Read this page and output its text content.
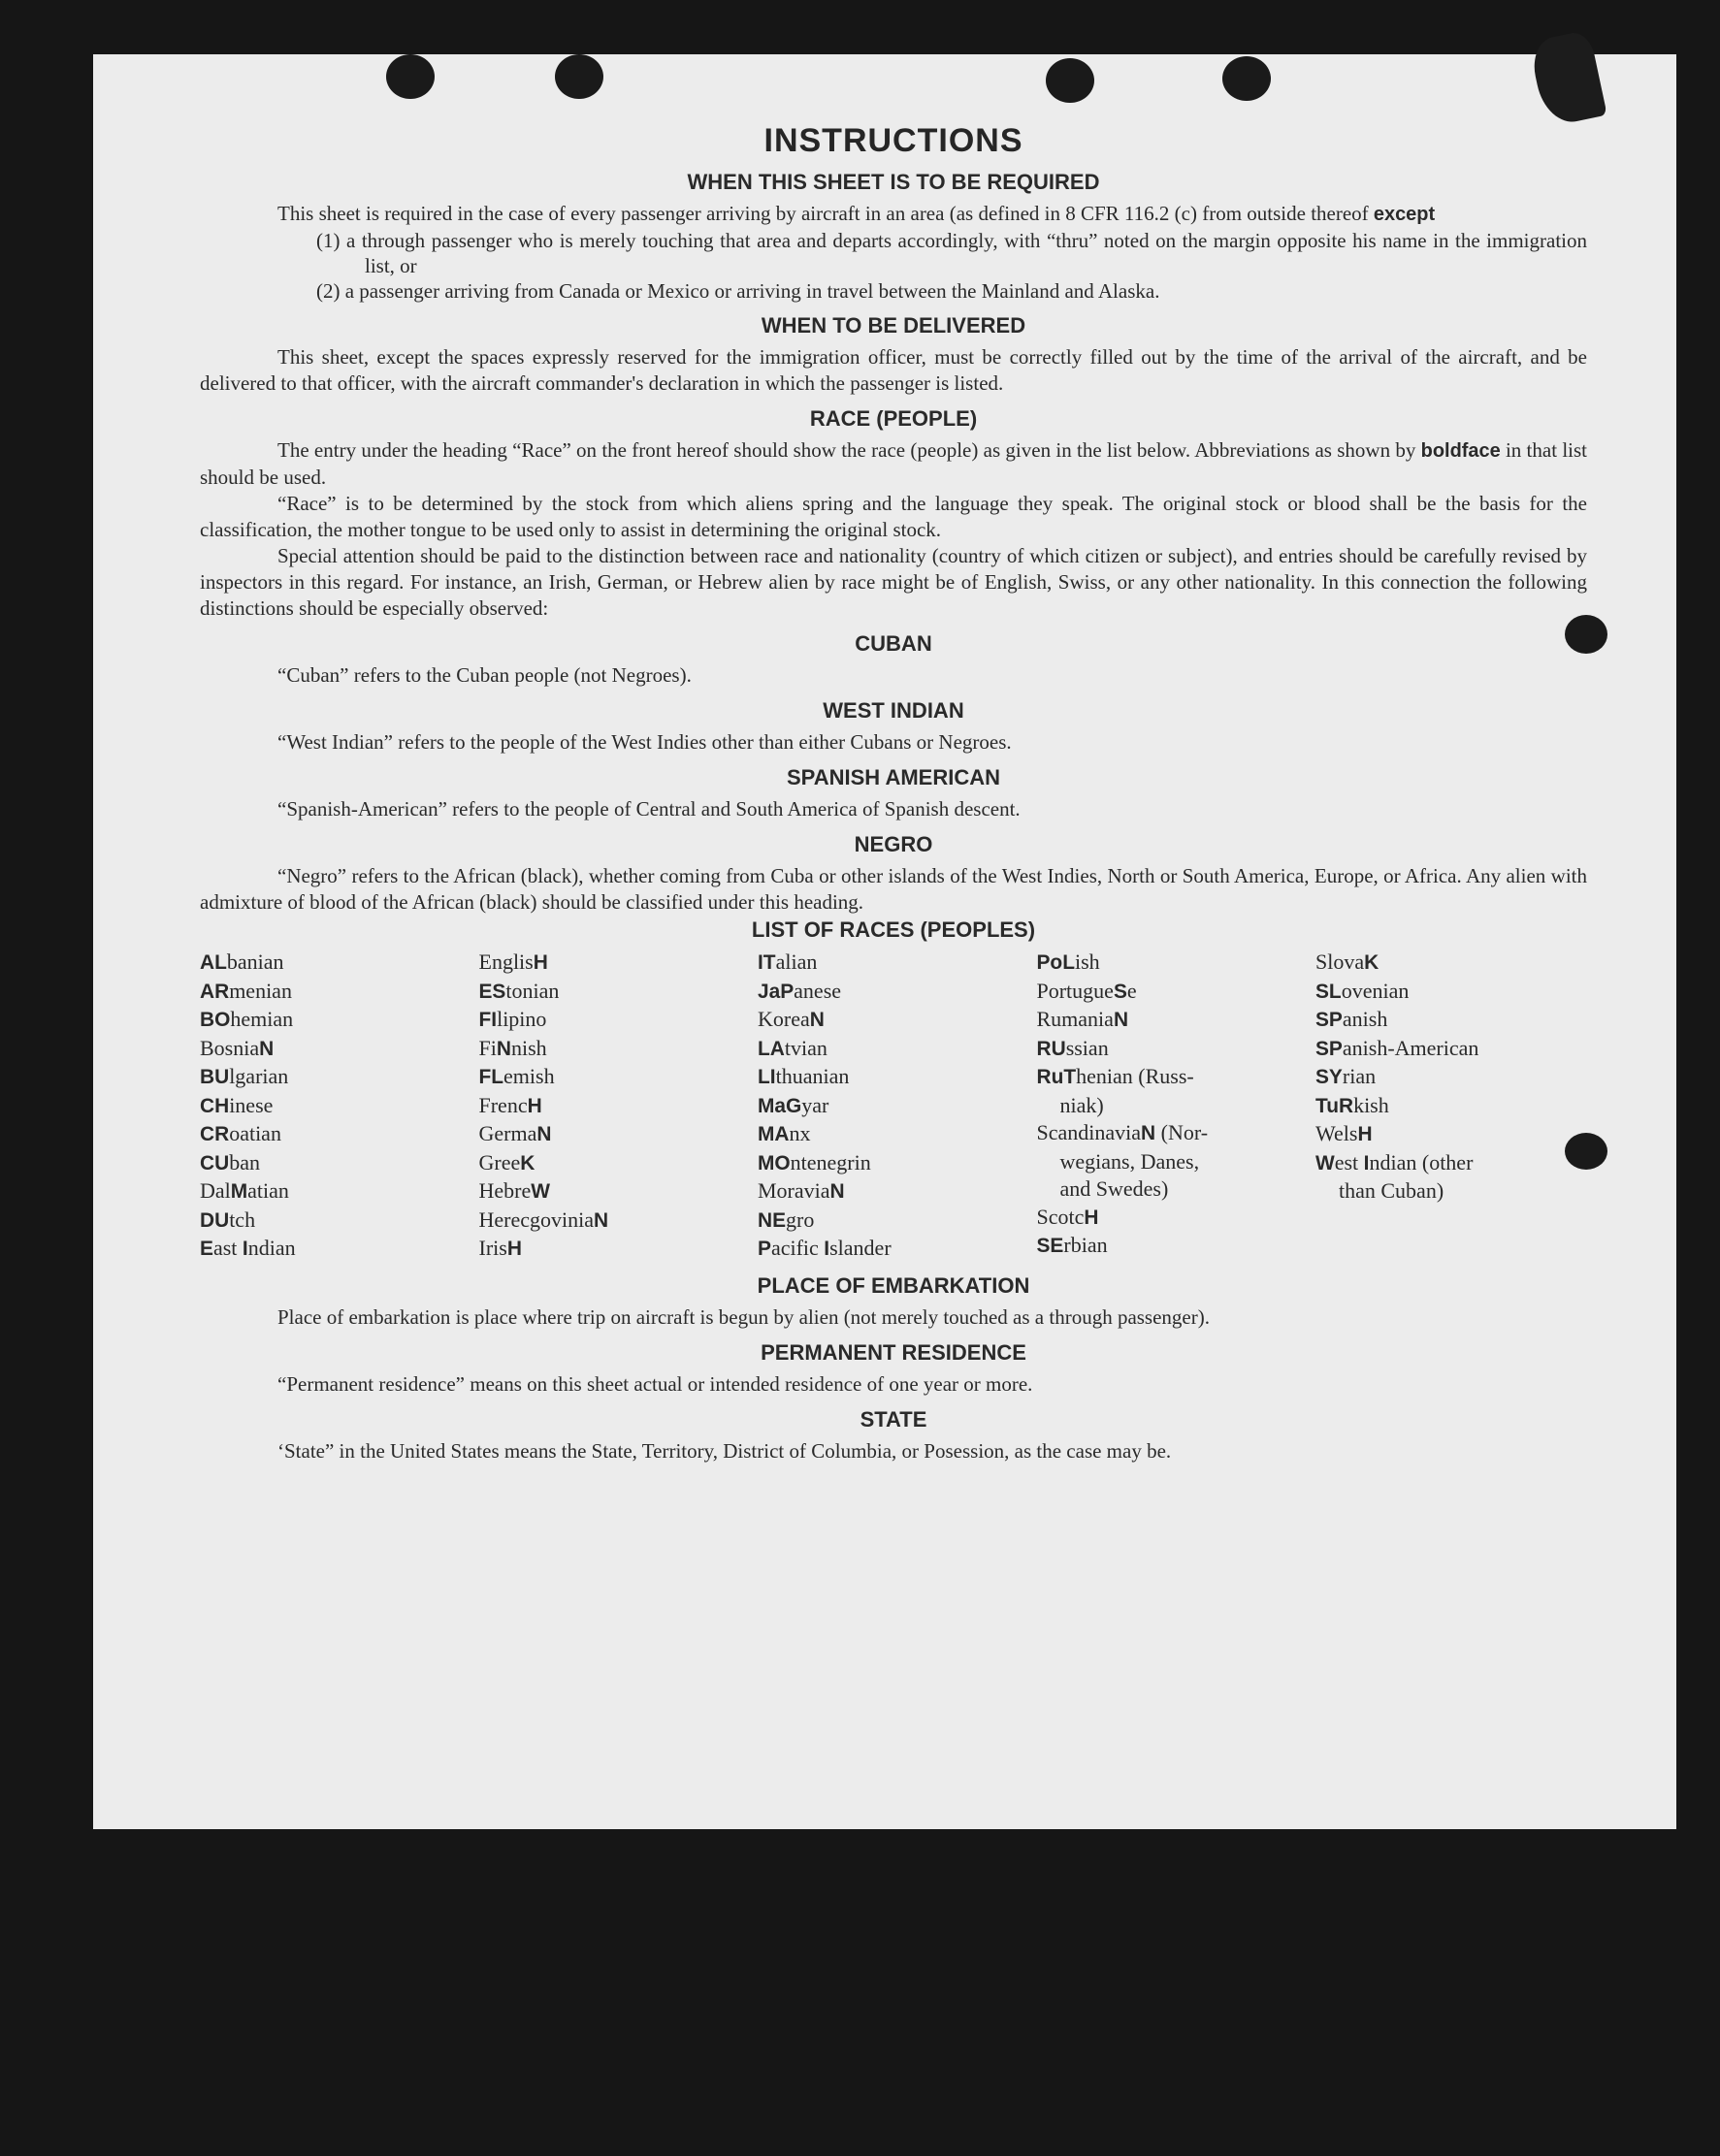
INSTRUCTIONS
WHEN THIS SHEET IS TO BE REQUIRED

This sheet is required in the case of every passenger arriving by aircraft in an area (as defined in 8 CFR 116.2 (c) from outside thereof except

(1) a through passenger who is merely touching that area and departs accordingly, with “thru” noted on the margin opposite his name in the immigration list, or

(2) a passenger arriving from Canada or Mexico or arriving in travel between the Mainland and Alaska.

WHEN TO BE DELIVERED

This sheet, except the spaces expressly reserved for the immigration officer, must be correctly filled out by the time of the arrival of the aircraft, and be delivered to that officer, with the aircraft commander's declaration in which the passenger is listed.

RACE (PEOPLE)

The entry under the heading “Race” on the front hereof should show the race (people) as given in the list below. Abbreviations as shown by boldface in that list should be used.

“Race” is to be determined by the stock from which aliens spring and the language they speak. The original stock or blood shall be the basis for the classification, the mother tongue to be used only to assist in determining the original stock.

Special attention should be paid to the distinction between race and nationality (country of which citizen or subject), and entries should be carefully revised by inspectors in this regard. For instance, an Irish, German, or Hebrew alien by race might be of English, Swiss, or any other nationality. In this connection the following distinctions should be especially observed:

CUBAN

“Cuban” refers to the Cuban people (not Negroes).

WEST INDIAN

“West Indian” refers to the people of the West Indies other than either Cubans or Negroes.

SPANISH AMERICAN

“Spanish-American” refers to the people of Central and South America of Spanish descent.

NEGRO

“Negro” refers to the African (black), whether coming from Cuba or other islands of the West Indies, North or South America, Europe, or Africa. Any alien with admixture of blood of the African (black) should be classified under this heading.

LIST OF RACES (PEOPLES)
ALbanian
ARmenian
BOhemian
BosniaN
BUlgarian
CHinese
CRoatian
CUban
DalMatian
DUtch
East Indian
EnglisH
EStonian
FIlipino
FiNnish
FLemish
FrencH
GermaN
GreeK
HebreW
HerecgoviniaN
IrisH
ITalian
JaPanese
KoreaN
LAtvian
LIthuanian
MaGyar
MAnx
MOntenegrin
MoraviaN
NEgro
Pacific Islander
PoLish
PortugueSe
RumaniaN
RUssian
RuThenian (Russ-
niak)
ScandinaviaN (Nor-
wegians, Danes,
and Swedes)
ScotcH
SErbian
SlovaK
SLovenian
SPanish
SPanish-American
SYrian
TuRkish
WelsH
West Indian (other
than Cuban)
PLACE OF EMBARKATION

Place of embarkation is place where trip on aircraft is begun by alien (not merely touched as a through passenger).

PERMANENT RESIDENCE

“Permanent residence” means on this sheet actual or intended residence of one year or more.

STATE

‘State” in the United States means the State, Territory, District of Columbia, or Posession, as the case may be.
